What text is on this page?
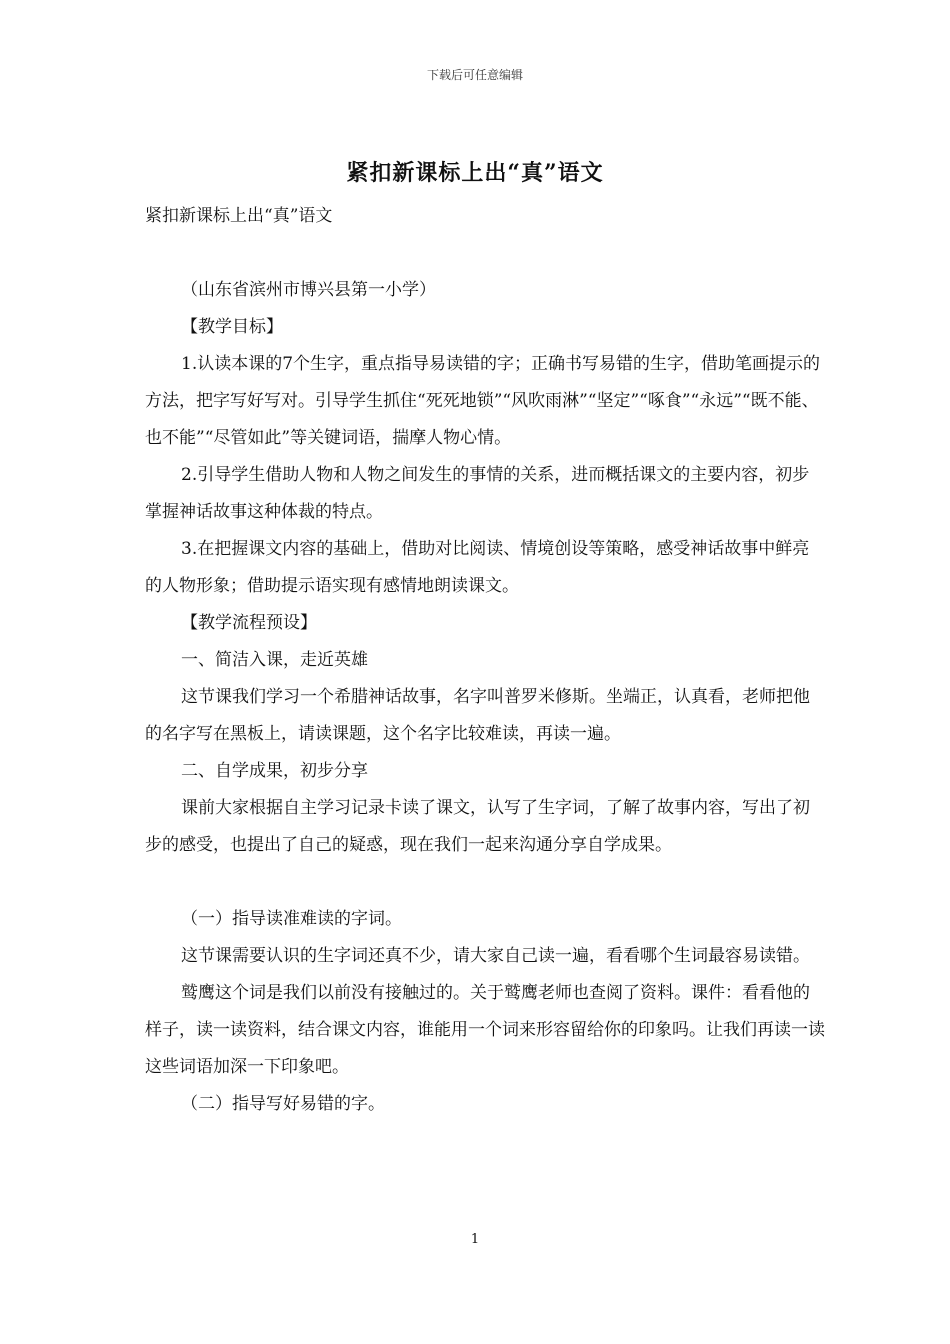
下载后可任意编辑
紧扣新课标上出“真”语文

紧扣新课标上出“真”语文

（山东省滨州市博兴县第一小学）

【教学目标】

1.认读本课的7个生字，重点指导易读错的字；正确书写易错的生字，借助笔画提示的方法，把字写好写对。引导学生抓住“死死地锁”“风吹雨淋”“坚定”“啄食”“永远”“既不能、也不能”“尽管如此”等关键词语，揣摩人物心情。

2.引导学生借助人物和人物之间发生的事情的关系，进而概括课文的主要内容，初步掌握神话故事这种体裁的特点。

3.在把握课文内容的基础上，借助对比阅读、情境创设等策略，感受神话故事中鲜亮的人物形象；借助提示语实现有感情地朗读课文。

【教学流程预设】

一、简洁入课，走近英雄

这节课我们学习一个希腊神话故事，名字叫普罗米修斯。坐端正，认真看，老师把他的名字写在黑板上，请读课题，这个名字比较难读，再读一遍。

二、自学成果，初步分享

课前大家根据自主学习记录卡读了课文，认写了生字词，了解了故事内容，写出了初步的感受，也提出了自己的疑惑，现在我们一起来沟通分享自学成果。

（一）指导读准难读的字词。

这节课需要认识的生字词还真不少，请大家自己读一遍，看看哪个生词最容易读错。

鹫鹰这个词是我们以前没有接触过的。关于鹫鹰老师也查阅了资料。课件：看看他的样子，读一读资料，结合课文内容，谁能用一个词来形容留给你的印象吗。让我们再读一读这些词语加深一下印象吧。

（二）指导写好易错的字。

1
